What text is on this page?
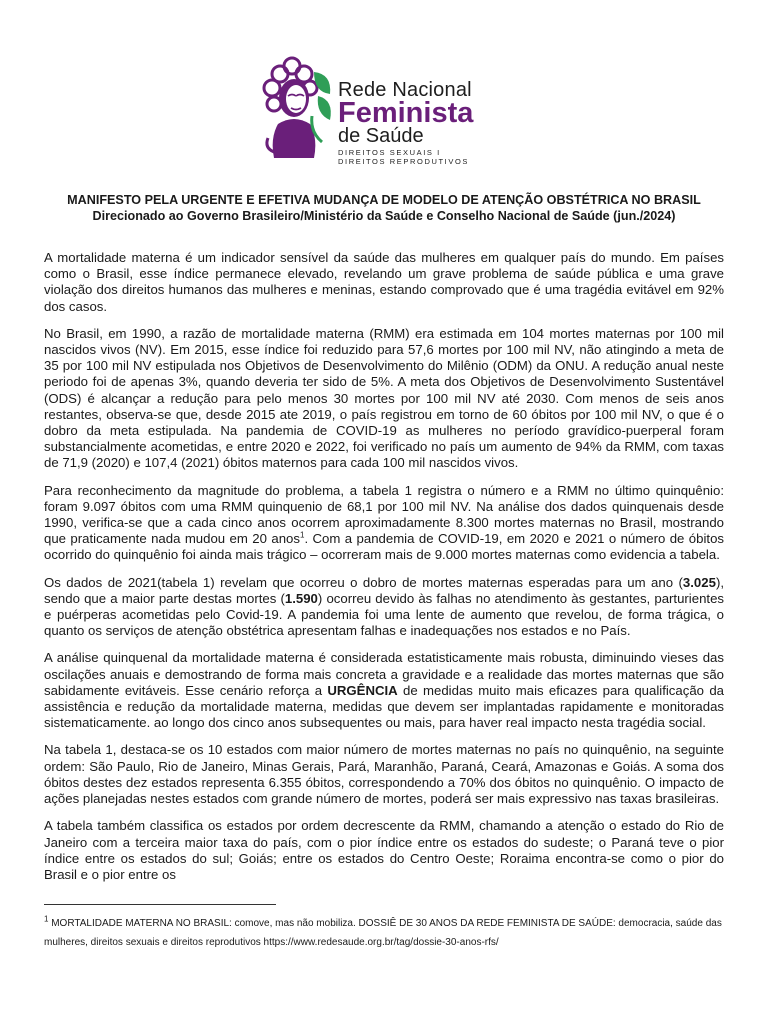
Rede Nacional
Feminista
de Saúde
DIREITOS SEXUAIS I
DIREITOS REPRODUTIVOS
MANIFESTO PELA URGENTE E EFETIVA MUDANÇA DE MODELO DE ATENÇÃO OBSTÉTRICA NO BRASIL
Direcionado ao Governo Brasileiro/Ministério da Saúde e Conselho Nacional de Saúde (jun./2024)

A mortalidade materna é um indicador sensível da saúde das mulheres em qualquer país do mundo. Em países como o Brasil, esse índice permanece elevado, revelando um grave problema de saúde pública e uma grave violação dos direitos humanos das mulheres e meninas, estando comprovado que é uma tragédia evitável em 92% dos casos.

No Brasil, em 1990, a razão de mortalidade materna (RMM) era estimada em 104 mortes maternas por 100 mil nascidos vivos (NV). Em 2015, esse índice foi reduzido para 57,6 mortes por 100 mil NV, não atingindo a meta de 35 por 100 mil NV estipulada nos Objetivos de Desenvolvimento do Milênio (ODM) da ONU. A redução anual neste periodo foi de apenas 3%, quando deveria ter sido de 5%. A meta dos Objetivos de Desenvolvimento Sustentável (ODS) é alcançar a redução para pelo menos 30 mortes por 100 mil NV até 2030. Com menos de seis anos restantes, observa-se que, desde 2015 ate 2019, o país registrou em torno de 60 óbitos por 100 mil NV, o que é o dobro da meta estipulada. Na pandemia de COVID-19 as mulheres no período gravídico-puerperal foram substancialmente acometidas, e entre 2020 e 2022, foi verificado no país um aumento de 94% da RMM, com taxas de 71,9 (2020) e 107,4 (2021) óbitos maternos para cada 100 mil nascidos vivos.

Para reconhecimento da magnitude do problema, a tabela 1 registra o número e a RMM no último quinquênio: foram 9.097 óbitos com uma RMM quinquenio de 68,1 por 100 mil NV. Na análise dos dados quinquenais desde 1990, verifica-se que a cada cinco anos ocorrem aproximadamente 8.300 mortes maternas no Brasil, mostrando que praticamente nada mudou em 20 anos$^1$. Com a pandemia de COVID-19, em 2020 e 2021 o número de óbitos ocorrido do quinquênio foi ainda mais trágico – ocorreram mais de 9.000 mortes maternas como evidencia a tabela.

Os dados de 2021(tabela 1) revelam que ocorreu o dobro de mortes maternas esperadas para um ano (3.025), sendo que a maior parte destas mortes (1.590) ocorreu devido às falhas no atendimento às gestantes, parturientes e puérperas acometidas pelo Covid-19. A pandemia foi uma lente de aumento que revelou, de forma trágica, o quanto os serviços de atenção obstétrica apresentam falhas e inadequações nos estados e no País.

A análise quinquenal da mortalidade materna é considerada estatisticamente mais robusta, diminuindo vieses das oscilações anuais e demostrando de forma mais concreta a gravidade e a realidade das mortes maternas que são sabidamente evitáveis. Esse cenário reforça a URGÊNCIA de medidas muito mais eficazes para qualificação da assistência e redução da mortalidade materna, medidas que devem ser implantadas rapidamente e monitoradas sistematicamente. ao longo dos cinco anos subsequentes ou mais, para haver real impacto nesta tragédia social.

Na tabela 1, destaca-se os 10 estados com maior número de mortes maternas no país no quinquênio, na seguinte ordem: São Paulo, Rio de Janeiro, Minas Gerais, Pará, Maranhão, Paraná, Ceará, Amazonas e Goiás. A soma dos óbitos destes dez estados representa 6.355 óbitos, correspondendo a 70% dos óbitos no quinquênio. O impacto de ações planejadas nestes estados com grande número de mortes, poderá ser mais expressivo nas taxas brasileiras.

A tabela também classifica os estados por ordem decrescente da RMM, chamando a atenção o estado do Rio de Janeiro com a terceira maior taxa do país, com o pior índice entre os estados do sudeste; o Paraná teve o pior índice entre os estados do sul; Goiás; entre os estados do Centro Oeste; Roraima encontra-se como o pior do Brasil e o pior entre os

$^1$ MORTALIDADE MATERNA NO BRASIL: comove, mas não mobiliza. DOSSIÊ DE 30 ANOS DA REDE FEMINISTA DE SAÚDE: democracia, saúde das mulheres, direitos sexuais e direitos reprodutivos https://www.redesaude.org.br/tag/dossie-30-anos-rfs/
